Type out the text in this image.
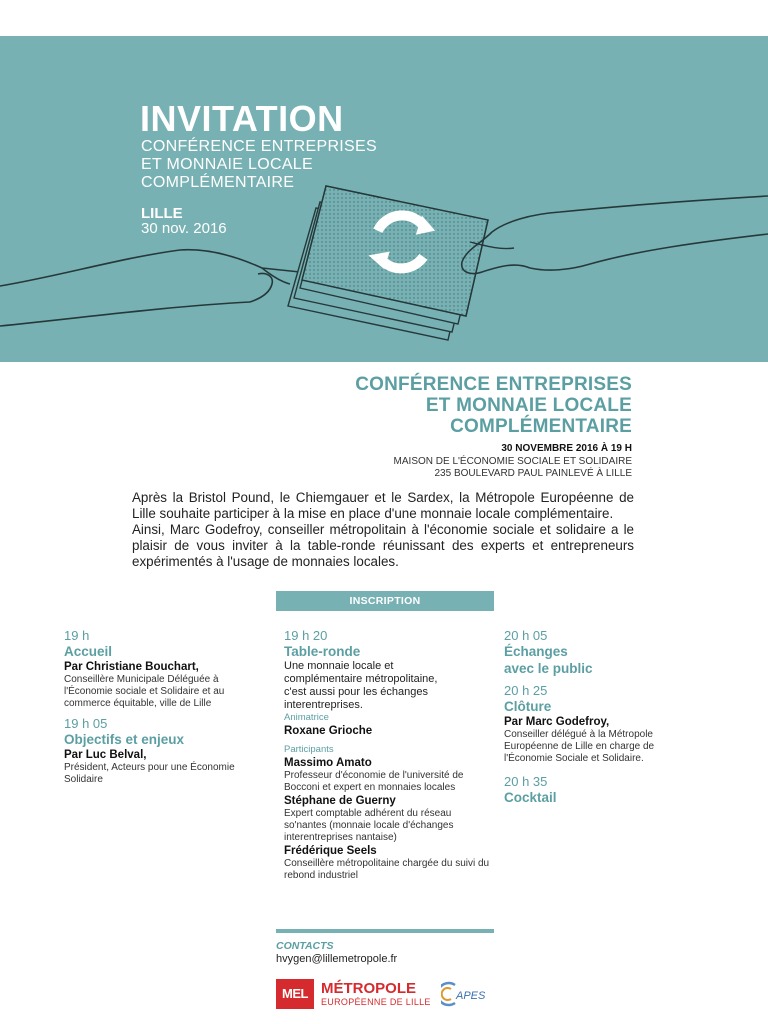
INVITATION
CONFÉRENCE ENTREPRISES
ET MONNAIE LOCALE
COMPLÉMENTAIRE
LILLE
30 nov. 2016
CONFÉRENCE ENTREPRISES
ET MONNAIE LOCALE
COMPLÉMENTAIRE
30 NOVEMBRE 2016 À 19 H
MAISON DE L'ÉCONOMIE SOCIALE ET SOLIDAIRE
235 BOULEVARD PAUL PAINLEVÉ À LILLE

Après la Bristol Pound, le Chiemgauer et le Sardex, la Métropole Européenne de Lille souhaite participer à la mise en place d'une monnaie locale complémentaire.

Ainsi, Marc Godefroy, conseiller métropolitain à l'économie sociale et solidaire a le plaisir de vous inviter à la table-ronde réunissant des experts et entrepreneurs expérimentés à l'usage de monnaies locales.

INSCRIPTION
19 h
Accueil
Par Christiane Bouchart,
Conseillère Municipale Déléguée à l'Économie sociale et Solidaire et au commerce équitable, ville de Lille
19 h 05
Objectifs et enjeux
Par Luc Belval,
Président, Acteurs pour une Économie Solidaire
19 h 20
Table-ronde
Une monnaie locale et complémentaire métropolitaine, c'est aussi pour les échanges interentreprises.
Animatrice
Roxane Grioche
Participants
Massimo Amato
Professeur d'économie de l'université de Bocconi et expert en monnaies locales
Stéphane de Guerny
Expert comptable adhérent du réseau so'nantes (monnaie locale d'échanges interentreprises nantaise)
Frédérique Seels
Conseillère métropolitaine chargée du suivi du rebond industriel
20 h 05
Échanges
avec le public
20 h 25
Clôture
Par Marc Godefroy,
Conseiller délégué à la Métropole Européenne de Lille en charge de l'Économie Sociale et Solidaire.
20 h 35
Cocktail
CONTACTS
hvygen@lillemetropole.fr
MEL MÉTROPOLE
EUROPÉENNE DE LILLE APES
